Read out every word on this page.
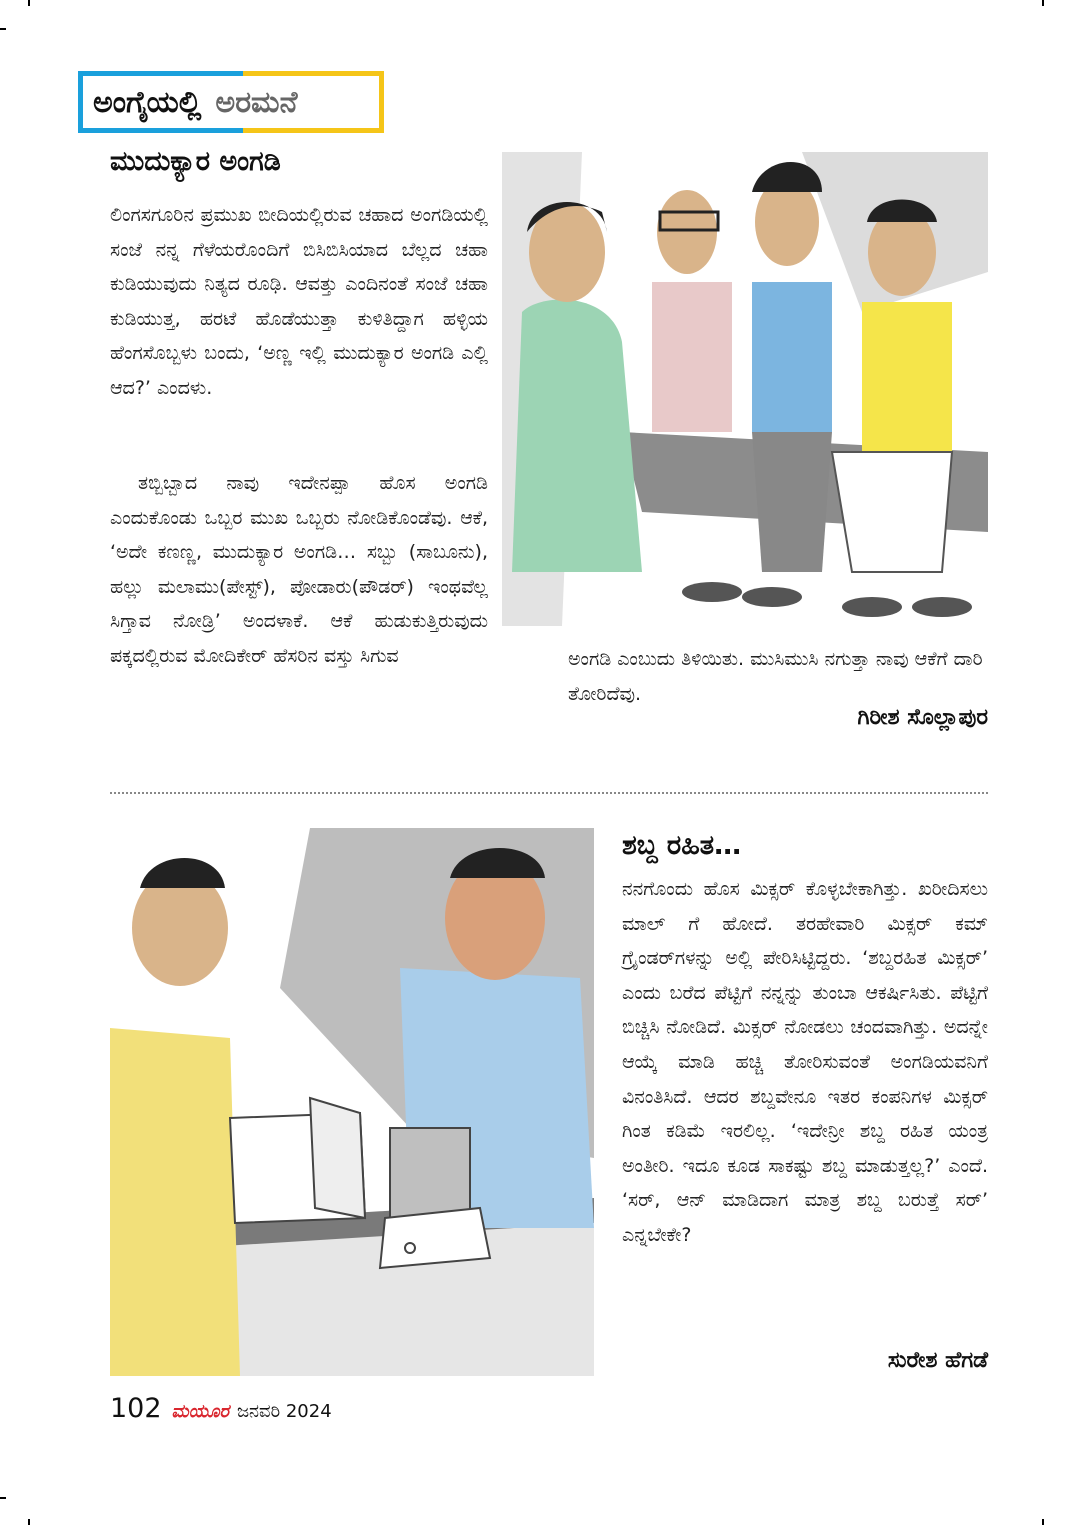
ಅಂಗೈಯಲ್ಲಿ ಅರಮನೆ
ಮುದುಕ್ಯಾರ ಅಂಗಡಿ
ಲಿಂಗಸಗೂರಿನ ಪ್ರಮುಖ ಬೀದಿಯಲ್ಲಿರುವ ಚಹಾದ ಅಂಗಡಿಯಲ್ಲಿ ಸಂಜೆ ನನ್ನ ಗೆಳೆಯರೊಂದಿಗೆ ಬಿಸಿಬಿಸಿಯಾದ ಬೆಲ್ಲದ ಚಹಾ ಕುಡಿಯುವುದು ನಿತ್ಯದ ರೂಢಿ. ಆವತ್ತು ಎಂದಿನಂತೆ ಸಂಜೆ ಚಹಾ ಕುಡಿಯುತ್ತ, ಹರಟೆ ಹೊಡೆಯುತ್ತಾ ಕುಳಿತಿದ್ದಾಗ ಹಳ್ಳಿಯ ಹೆಂಗಸೊಬ್ಬಳು ಬಂದು, ‘ಅಣ್ಣ ಇಲ್ಲಿ ಮುದುಕ್ಯಾರ ಅಂಗಡಿ ಎಲ್ಲಿ ಆದ?’ ಎಂದಳು.
ತಬ್ಬಿಬ್ಬಾದ ನಾವು ಇದೇನಪ್ಪಾ ಹೊಸ ಅಂಗಡಿ ಎಂದುಕೊಂಡು ಒಬ್ಬರ ಮುಖ ಒಬ್ಬರು ನೋಡಿಕೊಂಡೆವು. ಆಕೆ, ‘ಅದೇ ಕಣಣ್ಣ, ಮುದುಕ್ಯಾರ ಅಂಗಡಿ… ಸಬ್ಬು (ಸಾಬೂನು), ಹಲ್ಲು ಮಲಾಮು(ಪೇಸ್ಟ್), ಪೋಡಾರು(ಪೌಡರ್) ಇಂಥವೆಲ್ಲ ಸಿಗ್ತಾವ ನೋಡ್ರಿ’ ಅಂದಳಾಕೆ. ಆಕೆ ಹುಡುಕುತ್ತಿರುವುದು ಪಕ್ಕದಲ್ಲಿರುವ ಮೋದಿಕೇರ್ ಹೆಸರಿನ ವಸ್ತು ಸಿಗುವ	ಅಂಗಡಿ ಎಂಬುದು ತಿಳಿಯಿತು. ಮುಸಿಮುಸಿ ನಗುತ್ತಾ ನಾವು ಆಕೆಗೆ ದಾರಿ ತೋರಿದೆವು.
ಗಿರೀಶ ಸೊಲ್ಲಾಪುರ
ಶಬ್ದ ರಹಿತ…
ನನಗೊಂದು ಹೊಸ ಮಿಕ್ಸರ್ ಕೊಳ್ಳಬೇಕಾಗಿತ್ತು. ಖರೀದಿಸಲು ಮಾಲ್ ಗೆ ಹೋದೆ. ತರಹೇವಾರಿ ಮಿಕ್ಸರ್ ಕಮ್ ಗ್ರೈಂಡರ್‌ಗಳನ್ನು ಅಲ್ಲಿ ಪೇರಿಸಿಟ್ಟಿದ್ದರು. ‘ಶಬ್ದರಹಿತ ಮಿಕ್ಸರ್’ ಎಂದು ಬರೆದ ಪೆಟ್ಟಿಗೆ ನನ್ನನ್ನು ತುಂಬಾ ಆಕರ್ಷಿಸಿತು. ಪೆಟ್ಟಿಗೆ ಬಿಚ್ಚಿಸಿ ನೋಡಿದೆ. ಮಿಕ್ಸರ್ ನೋಡಲು ಚಂದವಾಗಿತ್ತು. ಅದನ್ನೇ ಆಯ್ಕೆ ಮಾಡಿ ಹಚ್ಚಿ ತೋರಿಸುವಂತೆ ಅಂಗಡಿಯವನಿಗೆ ವಿನಂತಿಸಿದೆ. ಆದರ ಶಬ್ದವೇನೂ ಇತರ ಕಂಪನಿಗಳ ಮಿಕ್ಸರ್ ಗಿಂತ ಕಡಿಮೆ ಇರಲಿಲ್ಲ. ‘ಇದೇನ್ರೀ ಶಬ್ದ ರಹಿತ ಯಂತ್ರ ಅಂತೀರಿ. ಇದೂ ಕೂಡ ಸಾಕಷ್ಟು ಶಬ್ದ ಮಾಡುತ್ತಲ್ಲ?’ ಎಂದೆ. ‘ಸರ್, ಆನ್ ಮಾಡಿದಾಗ ಮಾತ್ರ ಶಬ್ದ ಬರುತ್ತೆ ಸರ್’ ಎನ್ನಬೇಕೇ?
ಸುರೇಶ ಹೆಗಡೆ
102 ಮಯೂರ ಜನವರಿ 2024
